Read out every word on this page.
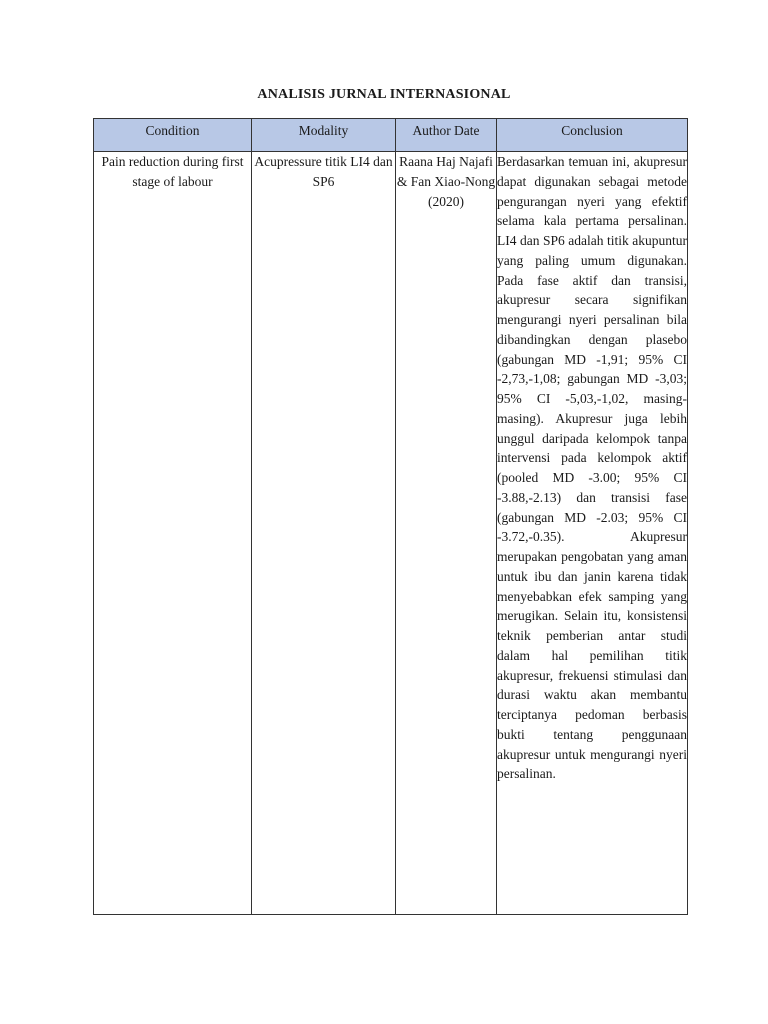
ANALISIS JURNAL INTERNASIONAL
Condition	Modality	Author Date	Conclusion
Pain reduction during first stage of labour	Acupressure titik LI4 dan SP6	Raana Haj Najafi & Fan Xiao-Nong (2020)	Berdasarkan temuan ini, akupresur dapat digunakan sebagai metode pengurangan nyeri yang efektif selama kala pertama persalinan. LI4 dan SP6 adalah titik akupuntur yang paling umum digunakan. Pada fase aktif dan transisi, akupresur secara signifikan mengurangi nyeri persalinan bila dibandingkan dengan plasebo (gabungan MD -1,91; 95% CI -2,73,-1,08; gabungan MD -3,03; 95% CI -5,03,-1,02, masing-masing). Akupresur juga lebih unggul daripada kelompok tanpa intervensi pada kelompok aktif (pooled MD -3.00; 95% CI -3.88,-2.13) dan transisi fase (gabungan MD -2.03; 95% CI -3.72,-0.35). Akupresur merupakan pengobatan yang aman untuk ibu dan janin karena tidak menyebabkan efek samping yang merugikan. Selain itu, konsistensi teknik pemberian antar studi dalam hal pemilihan titik akupresur, frekuensi stimulasi dan durasi waktu akan membantu terciptanya pedoman berbasis bukti tentang penggunaan akupresur untuk mengurangi nyeri persalinan.
